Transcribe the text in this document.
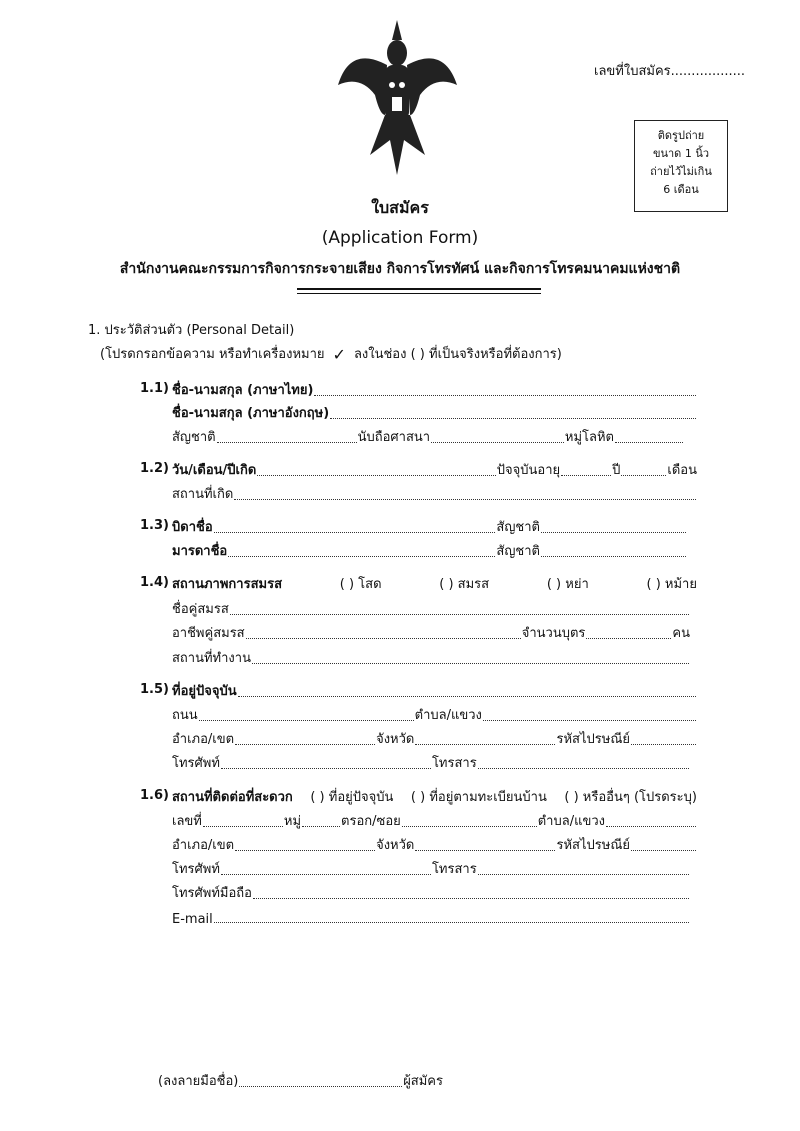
เลขที่ใบสมัคร..................
ติดรูปถ่าย
ขนาด 1 นิ้ว
ถ่ายไว้ไม่เกิน
6 เดือน
ใบสมัคร
(Application Form)
สำนักงานคณะกรรมการกิจการกระจายเสียง กิจการโทรทัศน์ และกิจการโทรคมนาคมแห่งชาติ
1. ประวัติส่วนตัว (Personal Detail)
(โปรดกรอกข้อความ หรือทำเครื่องหมาย ✓ ลงในช่อง ( ) ที่เป็นจริงหรือที่ต้องการ)
1.1) ชื่อ-นามสกุล (ภาษาไทย)
ชื่อ-นามสกุล (ภาษาอังกฤษ)
สัญชาติ	นับถือศาสนา	หมู่โลหิต
1.2) วัน/เดือน/ปีเกิด	ปัจจุบันอายุ	ปี	เดือน
สถานที่เกิด
1.3) บิดาชื่อ	สัญชาติ
มารดาชื่อ	สัญชาติ
1.4) สถานภาพการสมรส	( ) โสด	( ) สมรส	( ) หย่า	( ) หม้าย
ชื่อคู่สมรส
อาชีพคู่สมรส	จำนวนบุตร	คน
สถานที่ทำงาน
1.5) ที่อยู่ปัจจุบัน
ถนน	ตำบล/แขวง
อำเภอ/เขต	จังหวัด	รหัสไปรษณีย์
โทรศัพท์	โทรสาร
1.6) สถานที่ติดต่อที่สะดวก ( ) ที่อยู่ปัจจุบัน ( ) ที่อยู่ตามทะเบียนบ้าน ( ) หรืออื่นๆ (โปรดระบุ)
เลขที่	หมู่	ตรอก/ซอย	ตำบล/แขวง
อำเภอ/เขต	จังหวัด	รหัสไปรษณีย์
โทรศัพท์	โทรสาร
โทรศัพท์มือถือ
E-mail
(ลงลายมือชื่อ)	ผู้สมัคร
